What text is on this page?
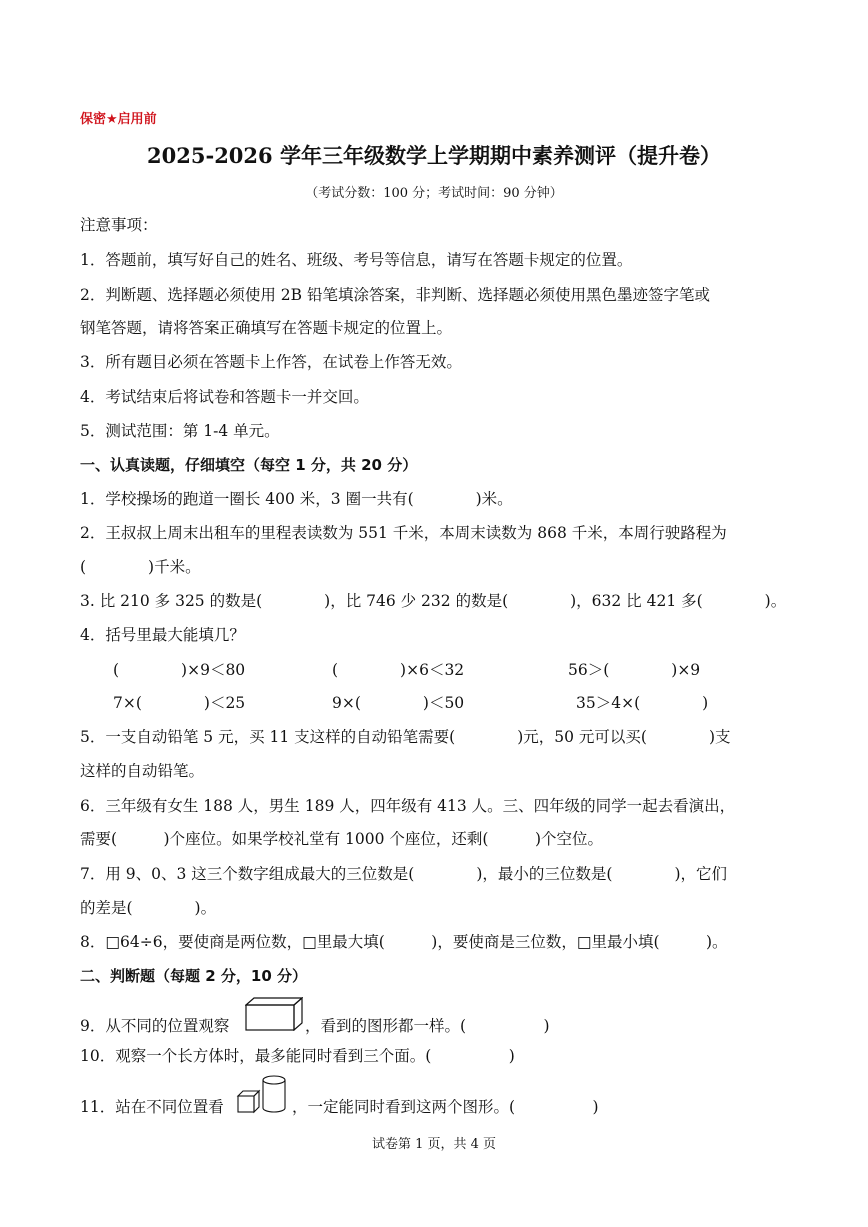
保密★启用前
2025-2026 学年三年级数学上学期期中素养测评（提升卷）
（考试分数：100 分；考试时间：90 分钟）
注意事项：
1．答题前，填写好自己的姓名、班级、考号等信息，请写在答题卡规定的位置。
2．判断题、选择题必须使用 2B 铅笔填涂答案，非判断、选择题必须使用黑色墨迹签字笔或
钢笔答题，请将答案正确填写在答题卡规定的位置上。
3．所有题目必须在答题卡上作答，在试卷上作答无效。
4．考试结束后将试卷和答题卡一并交回。
5．测试范围：第 1-4 单元。
一、认真读题，仔细填空（每空 1 分，共 20 分）
1．学校操场的跑道一圈长 400 米，3 圈一共有(　　　　)米。
2．王叔叔上周末出租车的里程表读数为 551 千米，本周末读数为 868 千米，本周行驶路程为
(　　　　)千米。
3. 比 210 多 325 的数是(　　　　)，比 746 少 232 的数是(　　　　)，632 比 421 多(　　　　)。
4．括号里最大能填几？
(　　　　)×9＜80	(　　　　)×6＜32	56＞(　　　　)×9
7×(　　　　)＜25	9×(　　　　)＜50	35＞4×(　　　　)
5．一支自动铅笔 5 元，买 11 支这样的自动铅笔需要(　　　　)元，50 元可以买(　　　　)支
这样的自动铅笔。
6．三年级有女生 188 人，男生 189 人，四年级有 413 人。三、四年级的同学一起去看演出，
需要(　　　)个座位。如果学校礼堂有 1000 个座位，还剩(　　　)个空位。
7．用 9、0、3 这三个数字组成最大的三位数是(　　　　)，最小的三位数是(　　　　)，它们
的差是(　　　　)。
8．□64÷6，要使商是两位数，□里最大填(　　　)，要使商是三位数，□里最小填(　　　)。
二、判断题（每题 2 分，10 分）
9．从不同的位置观察	，看到的图形都一样。(　　　　　)
10．观察一个长方体时，最多能同时看到三个面。(　　　　　)
11．站在不同位置看	，一定能同时看到这两个图形。(　　　　　)
试卷第 1 页，共 4 页
